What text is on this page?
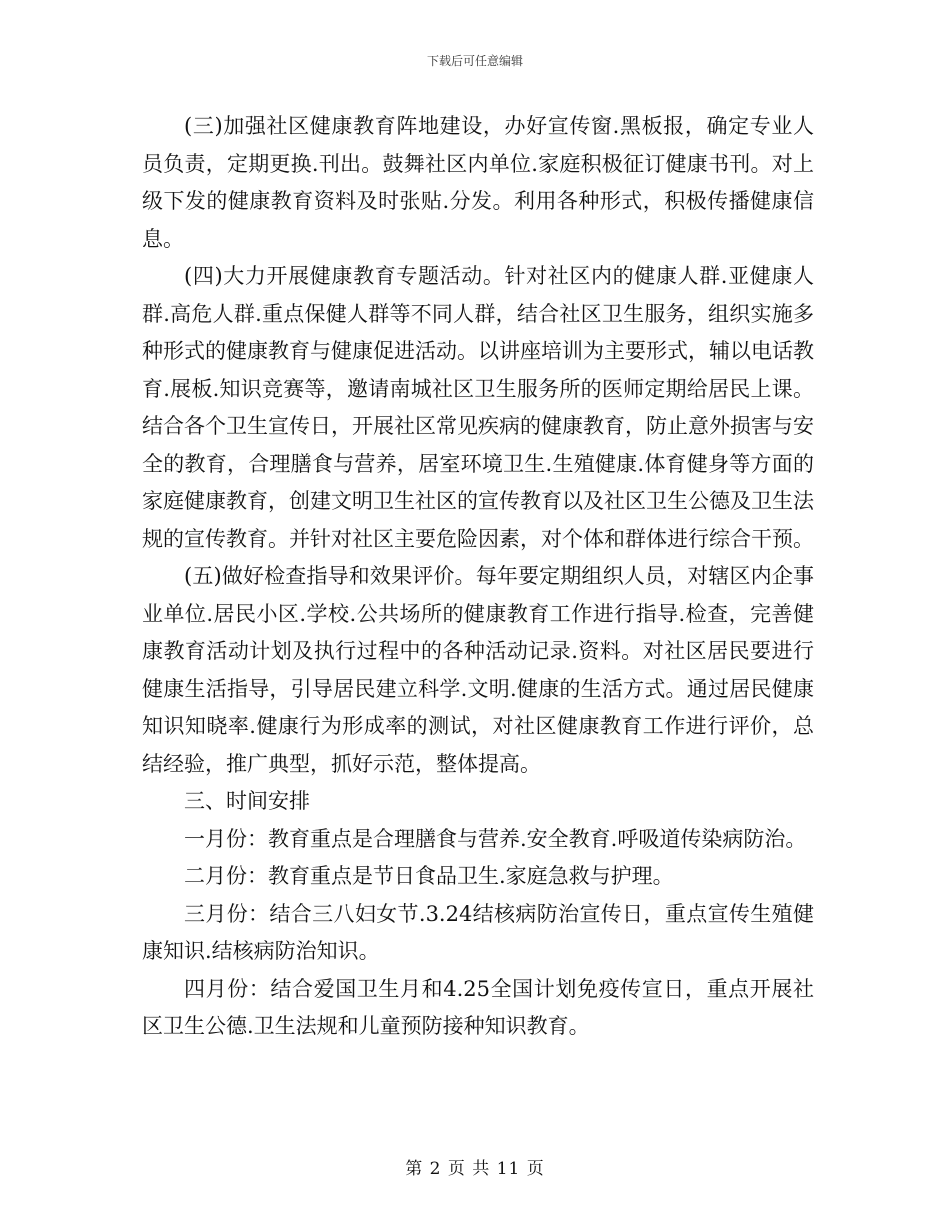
下载后可任意编辑

(三)加强社区健康教育阵地建设，办好宣传窗.黑板报，确定专业人员负责，定期更换.刊出。鼓舞社区内单位.家庭积极征订健康书刊。对上级下发的健康教育资料及时张贴.分发。利用各种形式，积极传播健康信息。

(四)大力开展健康教育专题活动。针对社区内的健康人群.亚健康人群.高危人群.重点保健人群等不同人群，结合社区卫生服务，组织实施多种形式的健康教育与健康促进活动。以讲座培训为主要形式，辅以电话教育.展板.知识竞赛等，邀请南城社区卫生服务所的医师定期给居民上课。结合各个卫生宣传日，开展社区常见疾病的健康教育，防止意外损害与安全的教育，合理膳食与营养，居室环境卫生.生殖健康.体育健身等方面的家庭健康教育，创建文明卫生社区的宣传教育以及社区卫生公德及卫生法规的宣传教育。并针对社区主要危险因素，对个体和群体进行综合干预。

(五)做好检查指导和效果评价。每年要定期组织人员，对辖区内企事业单位.居民小区.学校.公共场所的健康教育工作进行指导.检查，完善健康教育活动计划及执行过程中的各种活动记录.资料。对社区居民要进行健康生活指导，引导居民建立科学.文明.健康的生活方式。通过居民健康知识知晓率.健康行为形成率的测试，对社区健康教育工作进行评价，总结经验，推广典型，抓好示范，整体提高。

三、时间安排

一月份：教育重点是合理膳食与营养.安全教育.呼吸道传染病防治。

二月份：教育重点是节日食品卫生.家庭急救与护理。

三月份：结合三八妇女节.3.24结核病防治宣传日，重点宣传生殖健康知识.结核病防治知识。

四月份：结合爱国卫生月和4.25全国计划免疫传宣日，重点开展社区卫生公德.卫生法规和儿童预防接种知识教育。

第 2 页 共 11 页
